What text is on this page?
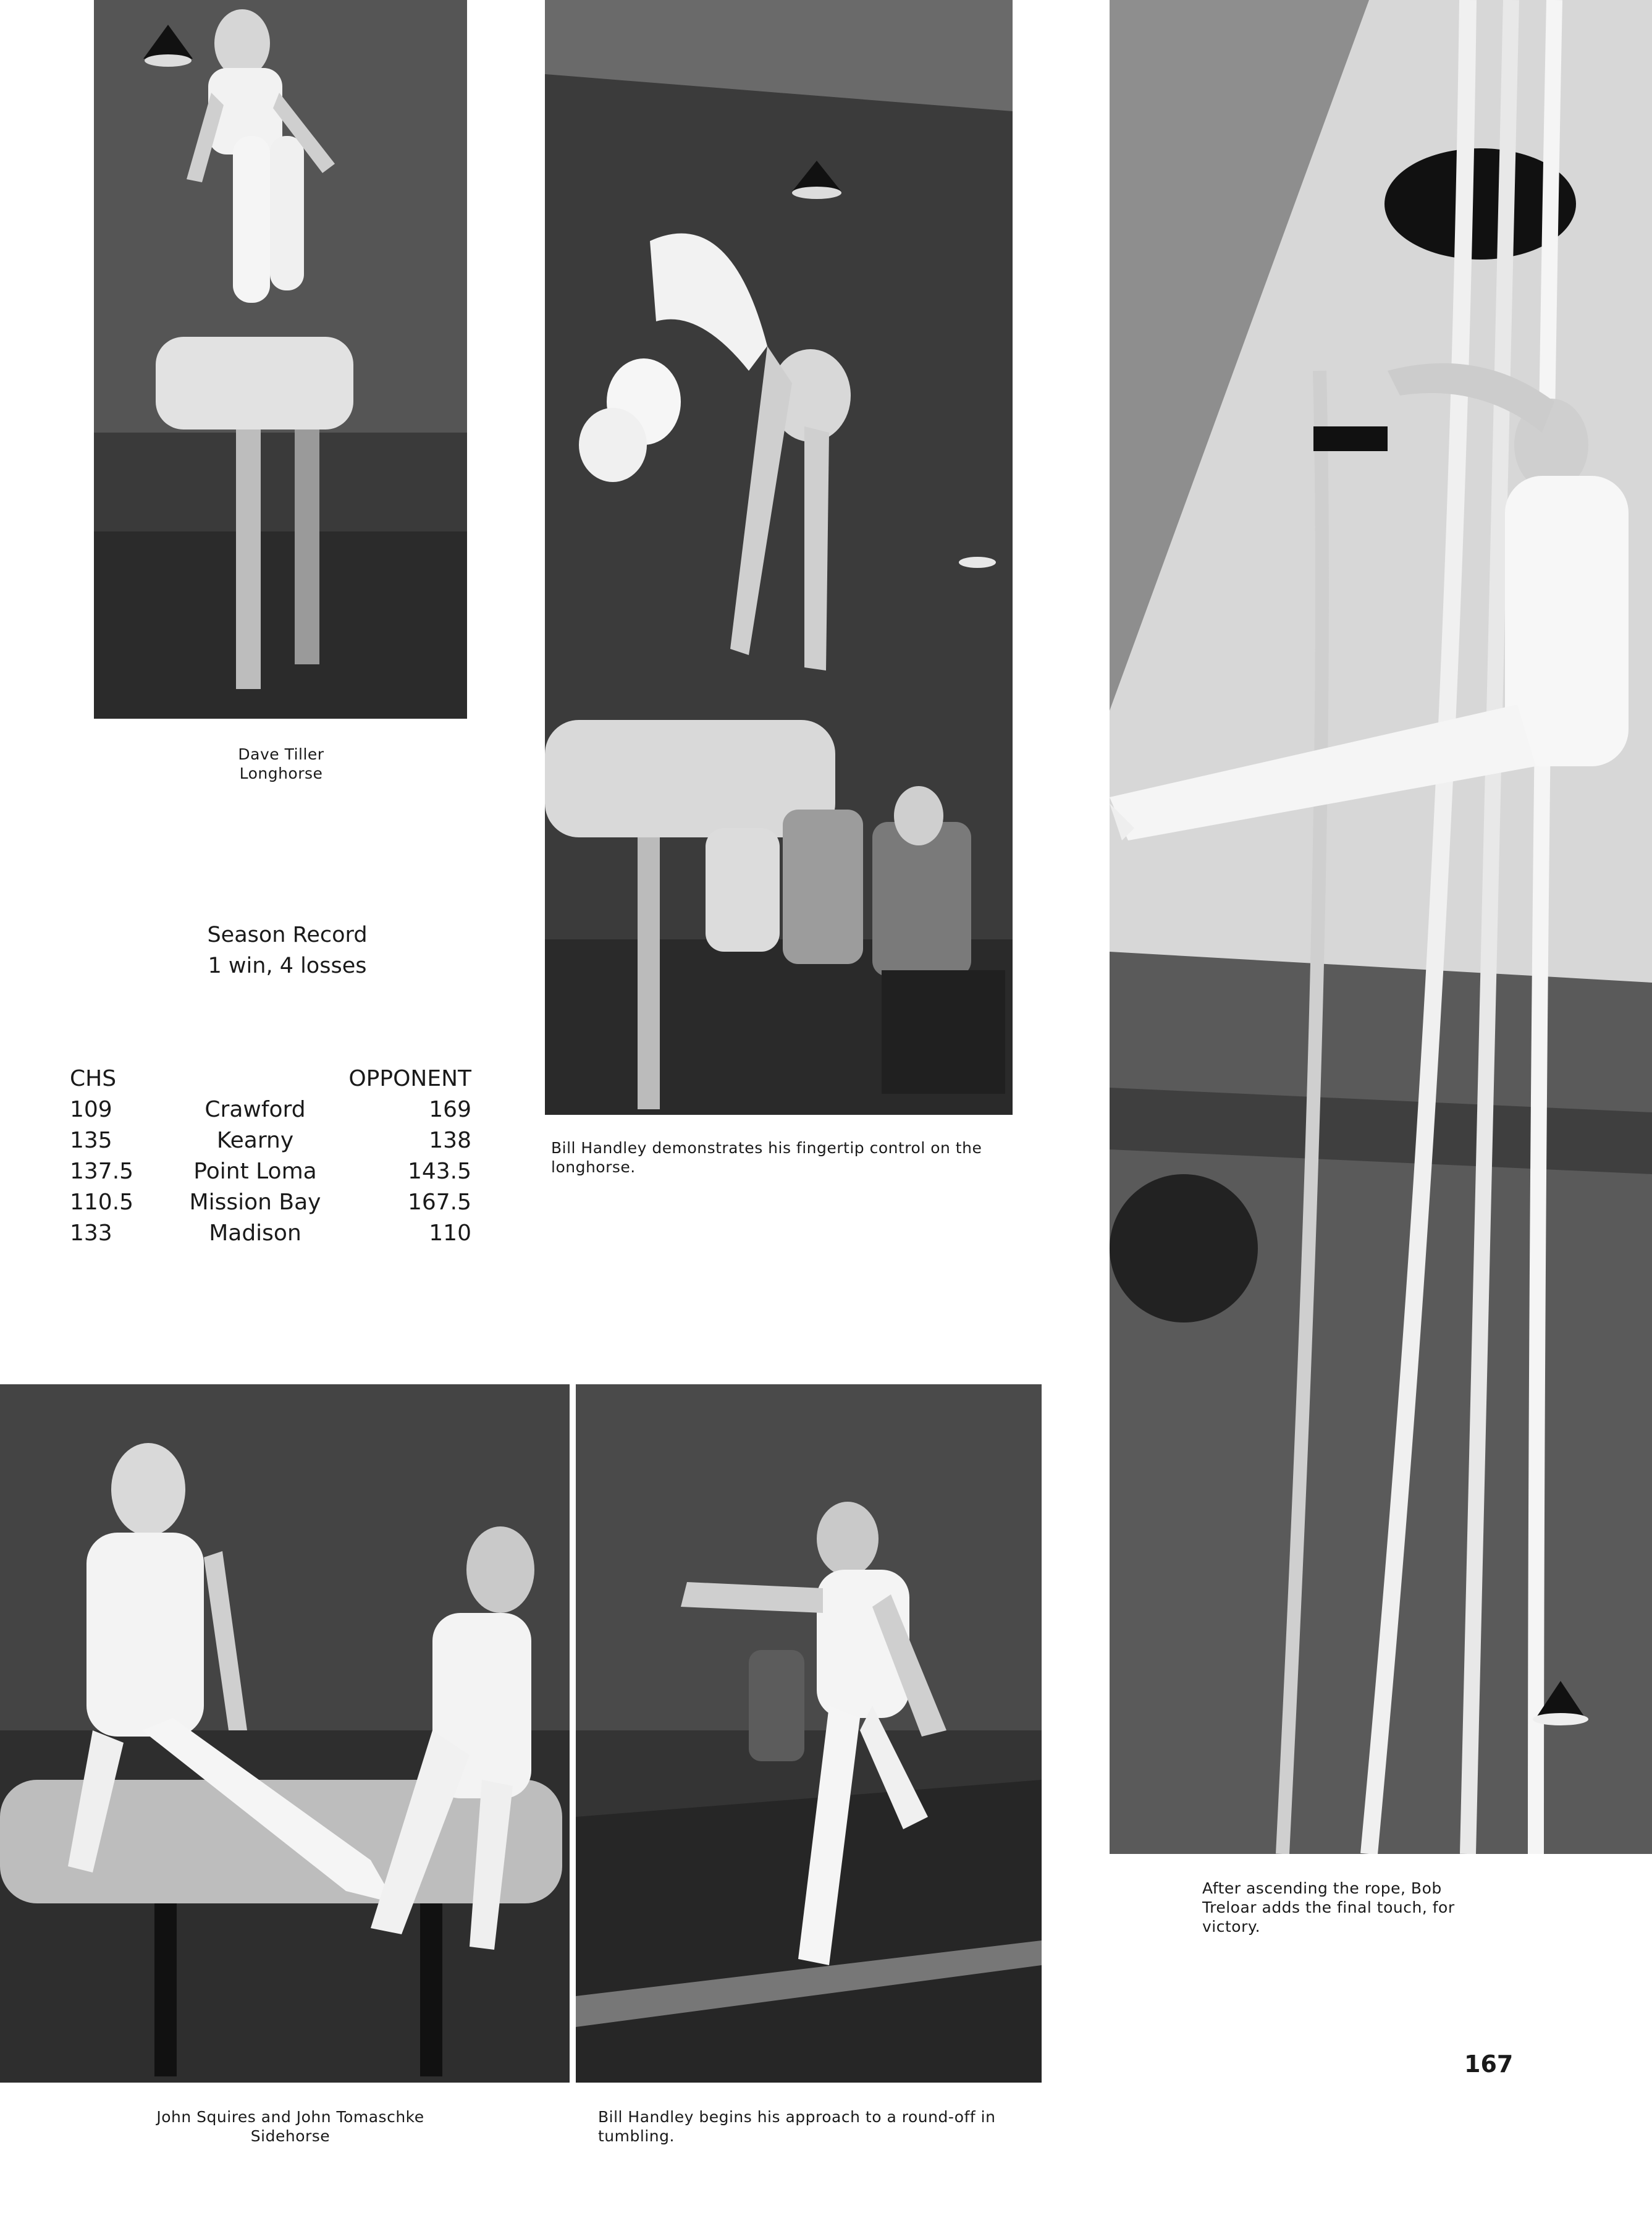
Dave Tiller
Longhorse
Bill Handley demonstrates his fingertip control on the longhorse.
After ascending the rope, Bob Treloar adds the final touch, for victory.
Season Record
1 win, 4 losses
CHS		OPPONENT
109	Crawford	169
135	Kearny	138
137.5	Point Loma	143.5
110.5	Mission Bay	167.5
133	Madison	110
John Squires and John Tomaschke
Sidehorse
Bill Handley begins his approach to a round-off in tumbling.
167
